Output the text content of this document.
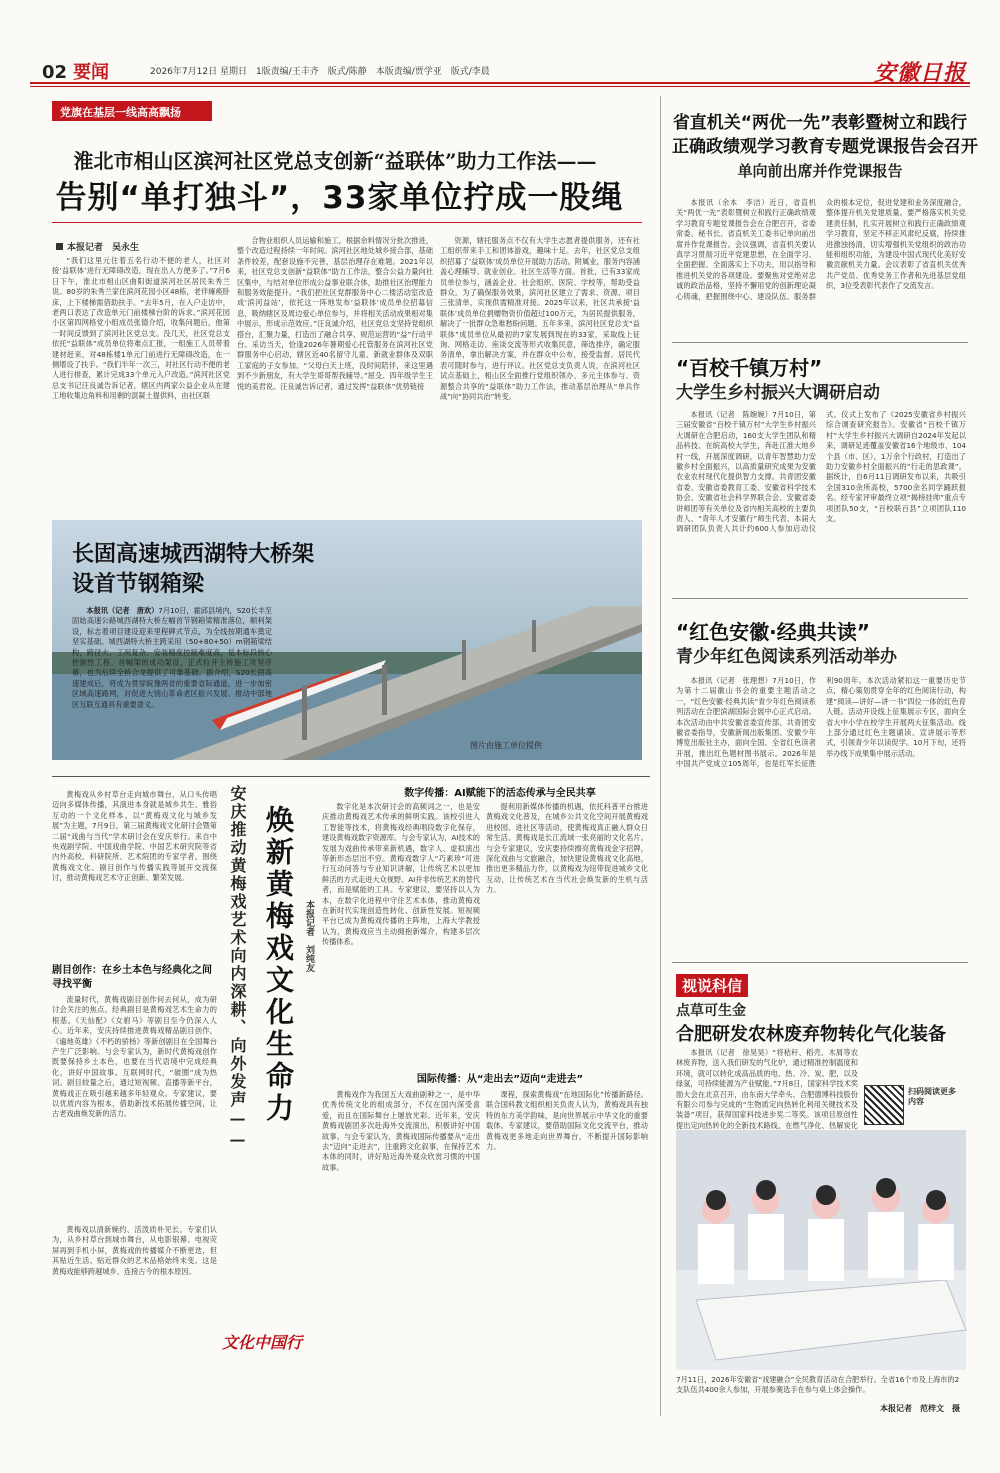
02 要闻	2026年7月12日 星期日　1版责编/王丰齐　版式/陈静　本版责编/贾学亚　版式/李晨	安徽日报
党旗在基层一线高高飘扬
淮北市相山区滨河社区党总支创新“益联体”助力工作法——
告别“单打独斗”，33家单位拧成一股绳
本报记者　吴永生

“我们这里元住着五名行动不便的老人，社区对接‘益联体’进行无障碍改造，现在出入方便多了。”7月6日下午，淮北市相山区曲阳街道滨河社区居民朱秀兰说。80岁的朱秀兰家住滨河花园小区48栋，老伴瘫痪卧床，上下楼梯需借助扶手。“去年5月，在入户走访中，老两口表达了改造单元门前楼梯台阶的诉求。”滨河花园小区第四网格党小组成员张德介绍，收集问题后，他第一时间反馈到了滨河社区党总支。没几天，社区党总支依托“益联体”成员单位将难点汇报，一组施工人员带着建材赶来，对48栋楼1单元门前进行无障碍改造，在一侧增设了扶手。“我们半年一次三，对社区行动不便的老人进行排查，累计完成33个单元入户改造。”滨河社区党总支书记汪良诚告诉记者，辖区内两家公益企业从在建工地收集边角料和用剩的混凝土提供料，由社区联

合物业组织人员运输和施工，根据余料情况分批次推进，整个改造过程持续一年时间。滨河社区地处城乡接合部，基础条件较差，配套设施不完善，基层治理存在难题。2021年以来，社区党总支创新“益联体”助力工作法，整合公益力量向社区集中，与结对单位形成公益事业联合体，助推社区治理能力和服务效能提升。“我们把社区党群服务中心二楼活动室改造成‘滨河益站’，依托这一阵地发布‘益联体’成员单位招募信息，吸纳辖区及周边爱心单位参与，并将相关活动成果相对集中展示，形成示范效应。”汪良诚介绍，社区党总支坚持党组织搭台，汇聚力量，打造出了融合共享、规范运营的“益”行动平台。采访当天，恰逢2026年暑期爱心托管服务在滨河社区党群服务中心启动，辖区近40名留守儿童、新就业群体及双职工家庭的子女参加。“父母白天上班，没时间陪伴，来这里遇到不少新朋友，有大学生哥哥帮我辅导。”屈殳、四年级学生王悦的美君说。汪良诚告诉记者，通过发挥“益联体”优势链接

资源，辖托服务点不仅有大学生志愿者提供服务，还有社工组织带来手工和团体游戏，趣味十足。去年，社区党总支组织招募了‘益联体’成员单位开展助力活动。附属业，服务内容涵盖心理辅导、就业创业、社区生活等方面。首批，已有33家成员单位参与，涵盖企业、社会组织、医院、学校等，帮助受益群众。为了确保服务效果，滨河社区建立了需求、资源、项目三张清单，实现供需精准对接。2025年以来，社区共承接‘益联体’成员单位捐赠物资价值超过100万元，为居民提供服务，解决了一批群众急难愁盼问题。五年多来，滨河社区党总支“益联体”成员单位从最初的7家发展到现在的33家，采取线上征询、网格走访、座谈交流等形式收集民意，筛选排序，确定服务清单，拿出解决方案，并在群众中公布，接受监督。居民代表可随时参与，进行评议。社区党总支负责人说，在滨河社区试点基础上，相山区全面推行党组织领办、多元主体参与、资源整合共享的“益联体”助力工作法，推动基层治理从“单兵作战”向“协同共治”转变。

长固高速城西湖特大桥架设首节钢箱梁

本报讯（记者　唐欢）7月10日，霍邱县境内，S20长丰至固始高速公路城西湖特大桥左幅首节钢箱梁精准落位，顺利架设，标志着项目建设迎来里程碑式节点，为全线按期通车奠定坚实基础。城西湖特大桥主跨采用（50+80+50）m钢箱梁结构，跨径大、工况复杂、安装精度控制难度高，是本标段核心控制性工程。首幅梁的成功架设，正式拉开主桥施工攻坚序幕，也为后续全桥合龙提供了可靠基础。据介绍，S20长固高速建成后，将成为贯穿皖豫两省的重要省际通道，进一步加密区域高速路网，对促进大别山革命老区振兴发展、推动中部地区互联互通具有重要意义。

图片由施工单位提供
省直机关“两优一先”表彰暨树立和践行
正确政绩观学习教育专题党课报告会召开
单向前出席并作党课报告

本报讯（余本　李洁）近日，省直机关“两优一先”表彰暨树立和践行正确政绩观学习教育专题党课报告会在合肥召开，省委常委、秘书长、省直机关工委书记单向前出席并作党课报告。会议强调，省直机关要认真学习贯彻习近平党建思想，在全面学习、全面把握、全面落实上下功夫，用以指导和推进机关党的各项建设。要聚焦对党绝对忠诚的政治品格，坚持不懈用党的创新理论凝心铸魂，把握围绕中心、建设队伍、服务群众的根本定位，促进党建和业务深度融合，整体提升机关党建质量。要严格落实机关党建责任制，扎实开展树立和践行正确政绩观学习教育，坚定不移正风肃纪反腐，持续推进激浊扬清，切实增强机关党组织的政治功能和组织功能，为建设中国式现代化美好安徽贡献机关力量。会议表彰了省直机关优秀共产党员、优秀党务工作者和先进基层党组织，3位受表彰代表作了交流发言。

“百校千镇万村”
大学生乡村振兴大调研启动

本报讯（记者　陈婉婉）7月10日，第三届安徽省“百校千镇万村”大学生乡村振兴大调研在合肥启动，160支大学生团队和精品科技、在皖高校大学生，奔赴江淮大地乡村一线，开展深度调研，以青年智慧助力安徽乡村全面振兴，以高质量研究成果为安徽农业农村现代化提供智力支撑。共青团安徽省委、安徽省委教育工委、安徽省科学技术协会、安徽省社会科学界联合会、安徽省委讲师团等有关单位及省内相关高校的主要负责人、“青年人才安徽行”师生代表、本届大调研团队负责人共计约600人参加启动仪式。仪式上发布了《2025安徽省乡村振兴综合调查研究报告》。安徽省“百校千镇万村”大学生乡村振兴大调研自2024年发起以来，调研足迹覆盖安徽省16个地级市、104个县（市、区），1万余个行政村，打造出了助力安徽乡村全面振兴的“行走的思政课”。据统计，自6月11日调研发布以来，共吸引全国310余所高校，5700余名同学踊跃报名。经专家评审最终立项“揭榜挂帅”重点专项团队50支，“百校联百县”立项团队110支。

“红色安徽·经典共读”
青少年红色阅读系列活动举办

本报讯（记者　张理想）7月10日，作为第十二届徽山书会的重要主题活动之一，“红色安徽·经典共读”青少年红色阅读系列活动在合肥滨湖国际会展中心正式启动。本次活动由中共安徽省委宣传部、共青团安徽省委指导，安徽新闻出版集团、安徽少年博览出版社主办，面向全国、全省红色读者开展，推出红色题材图书展示。2026年是中国共产党成立105周年，也是红军长征胜利90周年。本次活动紧扣这一重要历史节点，精心策划贯穿全年的红色阅读行动，构建“阅读—讲好—讲一书”四位一体的红色育人链。活动开设线上征集展示专区，面向全省大中小学在校学生开展两大征集活动。线上部分通过红色主题诵读、宣讲展示等形式，引领青少年以读促学。10月下旬，还将举办线下成果集中展示活动。

视说科信
点草可生金
合肥研发农林废弃物转化气化装备

本报讯（记者　徐昊昊）“将秸秆、稻壳、木屑等农林废弃物，送入我们研发的气化炉，通过精准控制温度和环境，就可以转化成高品质的电、热、冷、炭、肥，以及绿氢，可持续能源为产业赋能。”7月8日，国家科学技术奖励大会在北京召开，由东南大学牵头、合肥德博科技股份有限公司参与完成的“生物质定向热转化利用关键技术及装备”项目，获得国家科技进步奖二等奖。该项目原创性提出定向热转化的全新技术路线，在燃气净化、热解炭化

扫码阅读更多内容
7月11日，2026年安徽省“戏建融合”全民教育活动在合肥举行。全省16个市及上海市的2支队伍共400余人参加，开展参赛选手在参与桌上体会操作。
本报记者　范梓文　摄

黄梅戏从乡村草台走向城市舞台，从口头传唱迈向多媒体传播，其演进本身就是城乡共生、雅俗互动的一个文化样本。以“黄梅戏文化与城乡发展”为主题，7月9日，第三届黄梅戏文化研讨会暨第二届“戏曲与当代”学术研讨会在安庆举行。来自中央戏剧学院、中国戏曲学院、中国艺术研究院等省内外高校、科研院所、艺术院团的专家学者，围绕黄梅戏文化、剧目创作与传播实践等展开交流探讨，推动黄梅戏艺术守正创新、繁荣发展。

剧目创作：在乡土本色与经典化之间寻找平衡

流量时代，黄梅戏剧目创作何去何从，成为研讨会关注的焦点。经典剧目是黄梅戏艺术生命力的根基。《天仙配》《女驸马》等剧目至今仍深入人心。近年来，安庆持续推进黄梅戏精品剧目创作，《遍地英雄》《不朽的骄杨》等新创剧目在全国舞台产生广泛影响。与会专家认为，新时代黄梅戏创作既要保持乡土本色，也要在当代语境中完成经典化，讲好中国故事。互联网时代，“破圈”成为热词。剧目较量之后，通过短视频、直播等新平台，黄梅戏正在吸引越来越多年轻观众。专家建议，要以优质内容为根本，借助新技术拓展传播空间，让古老戏曲焕发新的活力。

黄梅戏以清新婉约、活泼质朴见长。专家们认为，从乡村草台到城市舞台，从电影银幕、电视荧屏再到手机小屏，黄梅戏的传播媒介不断更迭，但其贴近生活、贴近群众的艺术品格始终未变。这是黄梅戏能够跨越城乡、连接古今的根本原因。

安庆推动黄梅戏艺术向内深耕、向外发声—— 焕新黄梅戏文化生命力	本报记者　刘纯友
文化中国行
数字传播：AI赋能下的活态传承与全民共享

数字化是本次研讨会的高频词之一，也是安庆推动黄梅戏艺术传承的鲜明实践。该校引进人工智能等技术，将黄梅戏经典唱段数字化保存，建设黄梅戏数字资源库。与会专家认为，AI技术的发展为戏曲传承带来新机遇，数字人、虚拟演出等新形态层出不穷。黄梅戏数字人“巧素珍”可进行互动问答与专业知识讲解，让传统艺术以更加鲜活的方式走进大众视野。AI并非传统艺术的替代者，而是赋能的工具。专家建议，要坚持以人为本，在数字化进程中守住艺术本体，推动黄梅戏在新时代实现创造性转化、创新性发展。短视频平台已成为黄梅戏传播的主阵地，上海大学教授认为，黄梅戏应当主动拥抱新媒介，构建多层次传播体系。

提利用新媒体传播的机遇，依托科普平台推进黄梅戏文化普及，在城乡公共文化空间开展黄梅戏进校园、进社区等活动，使黄梅戏真正融入群众日常生活。黄梅戏是长江流域一张亮丽的文化名片。与会专家建议，安庆要持续擦亮黄梅戏金字招牌，深化戏曲与文旅融合，加快建设黄梅戏文化高地，推出更多精品力作，以黄梅戏为纽带促进城乡文化互动，让传统艺术在当代社会焕发新的生机与活力。

国际传播：从“走出去”迈向“走进去”

黄梅戏作为我国五大戏曲剧种之一，是中华优秀传统文化的组成部分，不仅在国内深受喜爱，而且在国际舞台上屡放光彩。近年来，安庆黄梅戏剧团多次赴海外交流演出，积极讲好中国故事。与会专家认为，黄梅戏国际传播要从“走出去”迈向“走进去”，注重跨文化叙事，在保持艺术本体的同时，讲好贴近海外观众欣赏习惯的中国故事。

课程，探索黄梅戏“在地国际化”传播新路径。联合国科教文组织相关负责人认为，黄梅戏具有独特的东方美学韵味，是向世界展示中华文化的重要载体。专家建议，要借助国际文化交流平台，推动黄梅戏更多地走向世界舞台，不断提升国际影响力。
